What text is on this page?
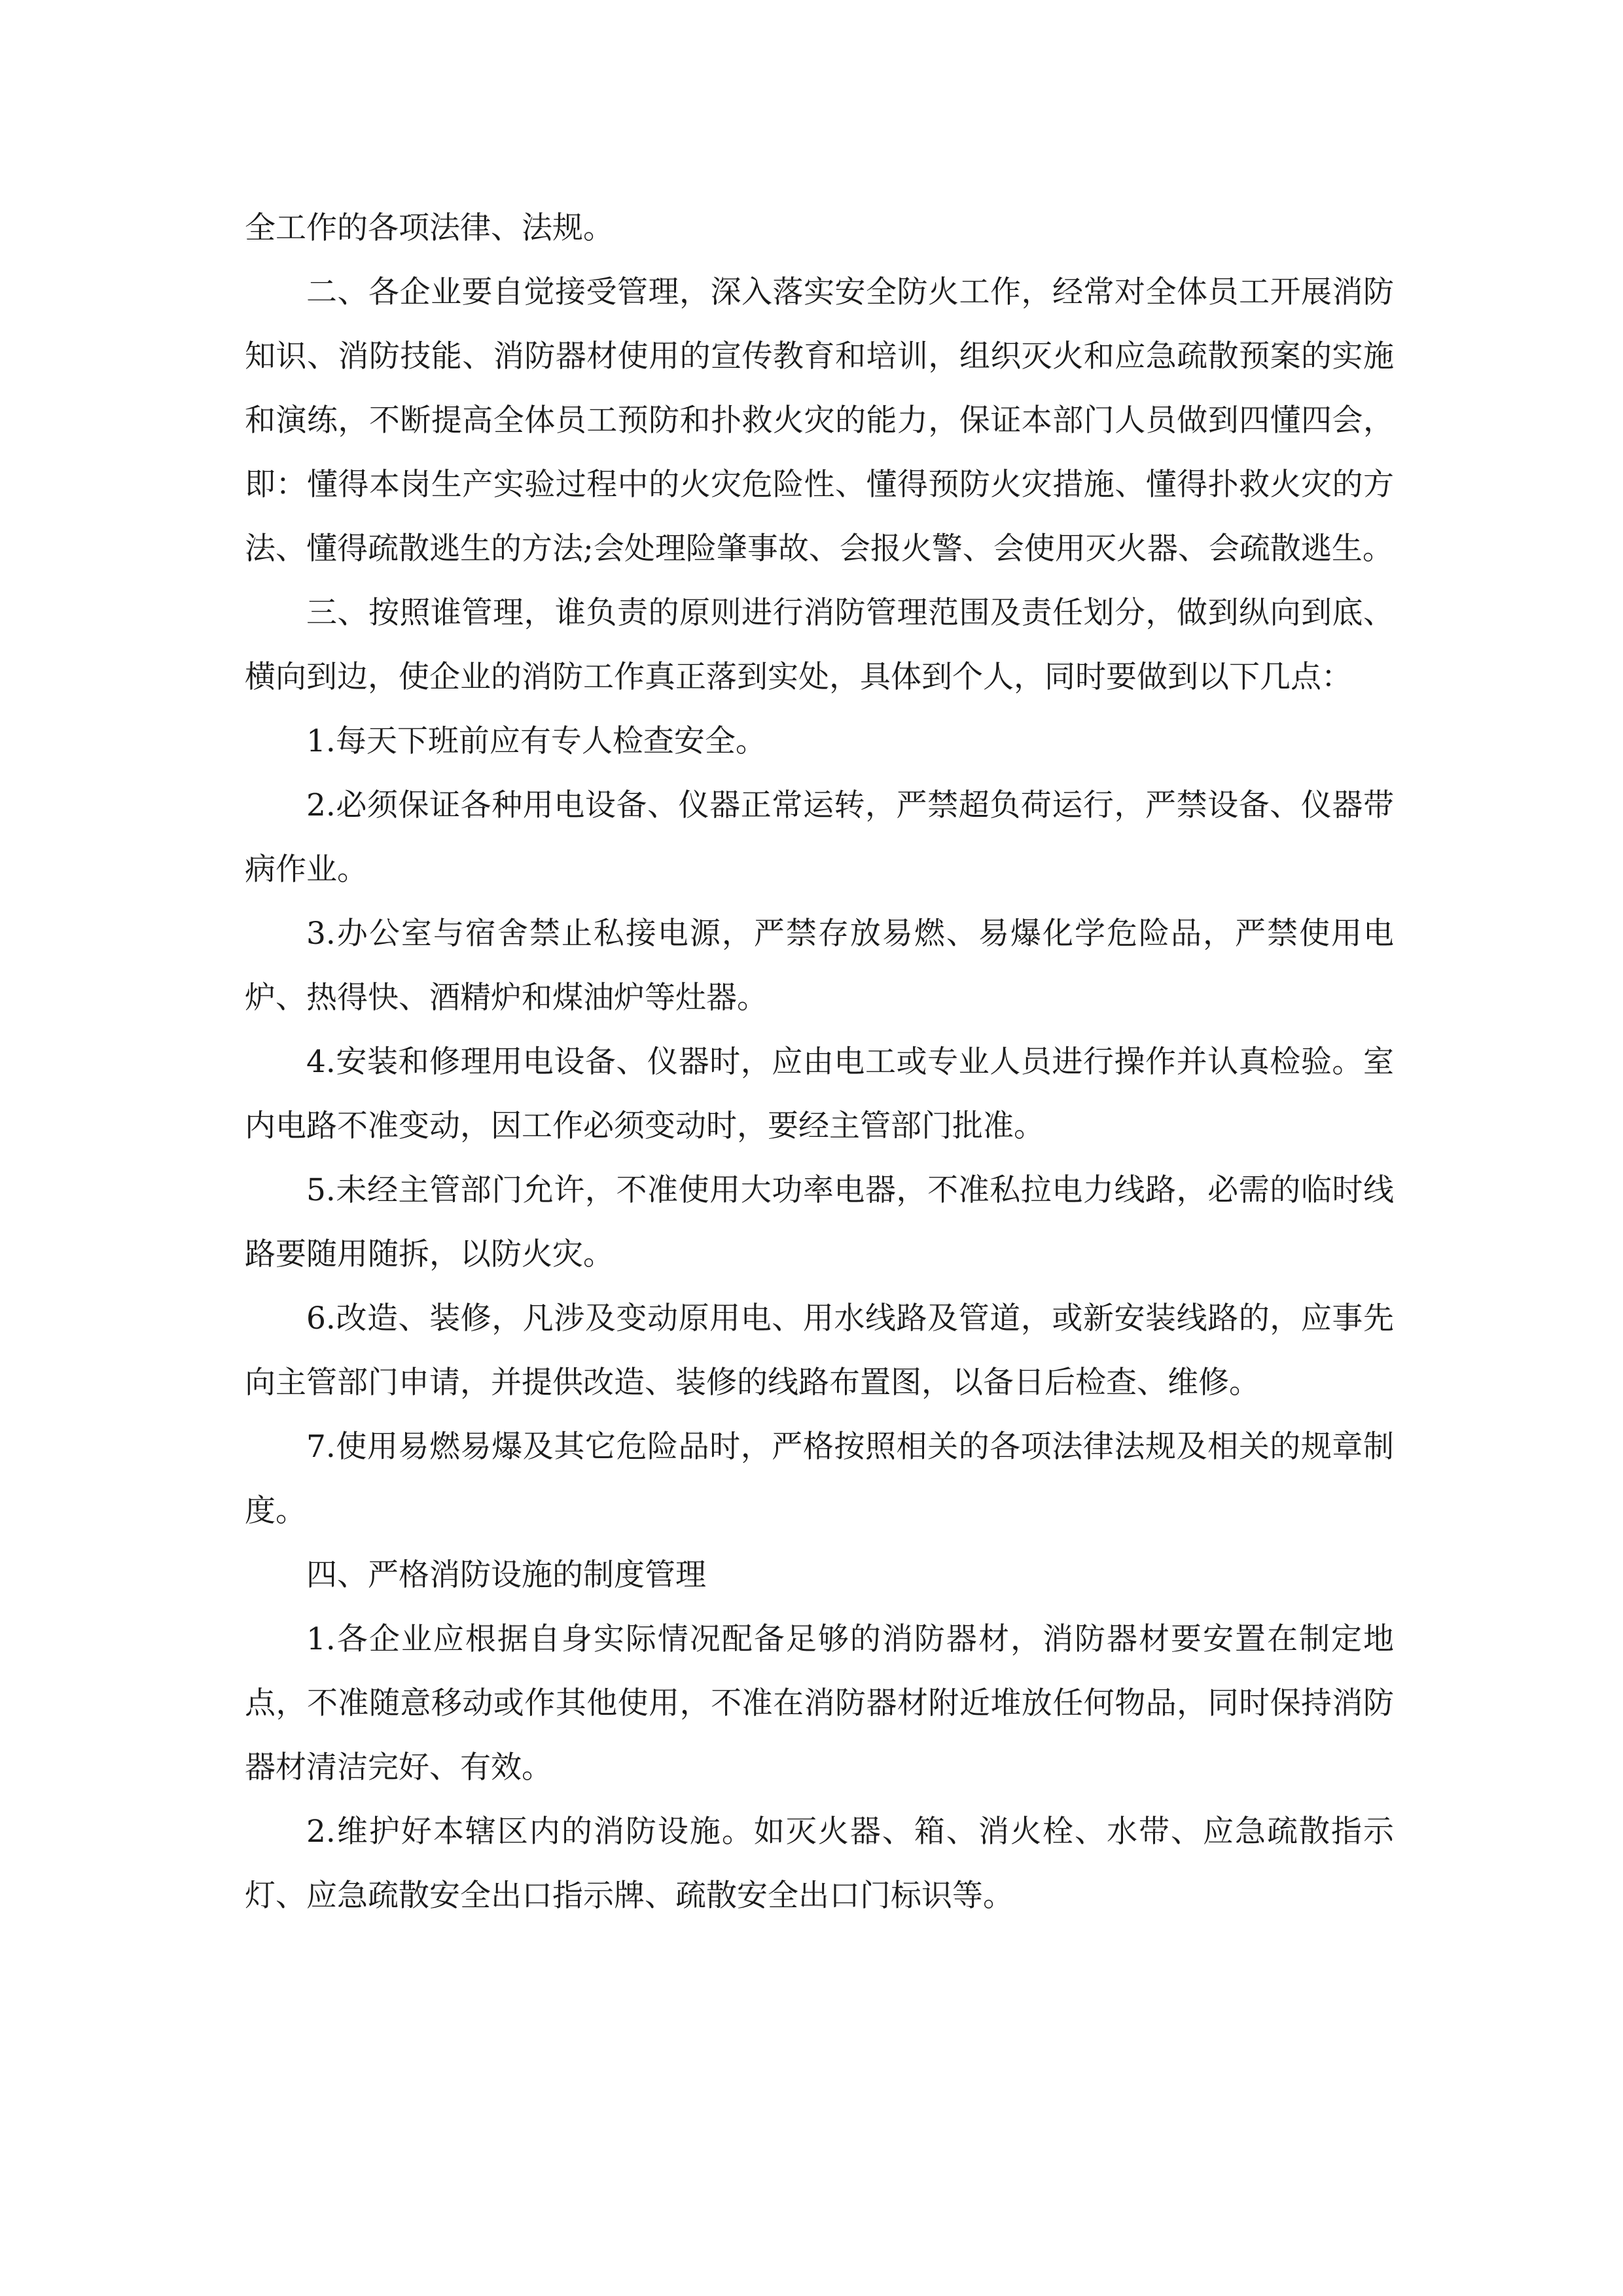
全工作的各项法律、法规。

二、各企业要自觉接受管理，深入落实安全防火工作，经常对全体员工开展消防知识、消防技能、消防器材使用的宣传教育和培训，组织灭火和应急疏散预案的实施和演练，不断提高全体员工预防和扑救火灾的能力，保证本部门人员做到四懂四会，即：懂得本岗生产实验过程中的火灾危险性、懂得预防火灾措施、懂得扑救火灾的方法、懂得疏散逃生的方法;会处理险肇事故、会报火警、会使用灭火器、会疏散逃生。

三、按照谁管理，谁负责的原则进行消防管理范围及责任划分，做到纵向到底、横向到边，使企业的消防工作真正落到实处，具体到个人，同时要做到以下几点：

1.每天下班前应有专人检查安全。

2.必须保证各种用电设备、仪器正常运转，严禁超负荷运行，严禁设备、仪器带病作业。

3.办公室与宿舍禁止私接电源，严禁存放易燃、易爆化学危险品，严禁使用电炉、热得快、酒精炉和煤油炉等灶器。

4.安装和修理用电设备、仪器时，应由电工或专业人员进行操作并认真检验。室内电路不准变动，因工作必须变动时，要经主管部门批准。

5.未经主管部门允许，不准使用大功率电器，不准私拉电力线路，必需的临时线路要随用随拆，以防火灾。

6.改造、装修，凡涉及变动原用电、用水线路及管道，或新安装线路的，应事先向主管部门申请，并提供改造、装修的线路布置图，以备日后检查、维修。

7.使用易燃易爆及其它危险品时，严格按照相关的各项法律法规及相关的规章制度。

四、严格消防设施的制度管理

1.各企业应根据自身实际情况配备足够的消防器材，消防器材要安置在制定地点，不准随意移动或作其他使用，不准在消防器材附近堆放任何物品，同时保持消防器材清洁完好、有效。

2.维护好本辖区内的消防设施。如灭火器、箱、消火栓、水带、应急疏散指示灯、应急疏散安全出口指示牌、疏散安全出口门标识等。
